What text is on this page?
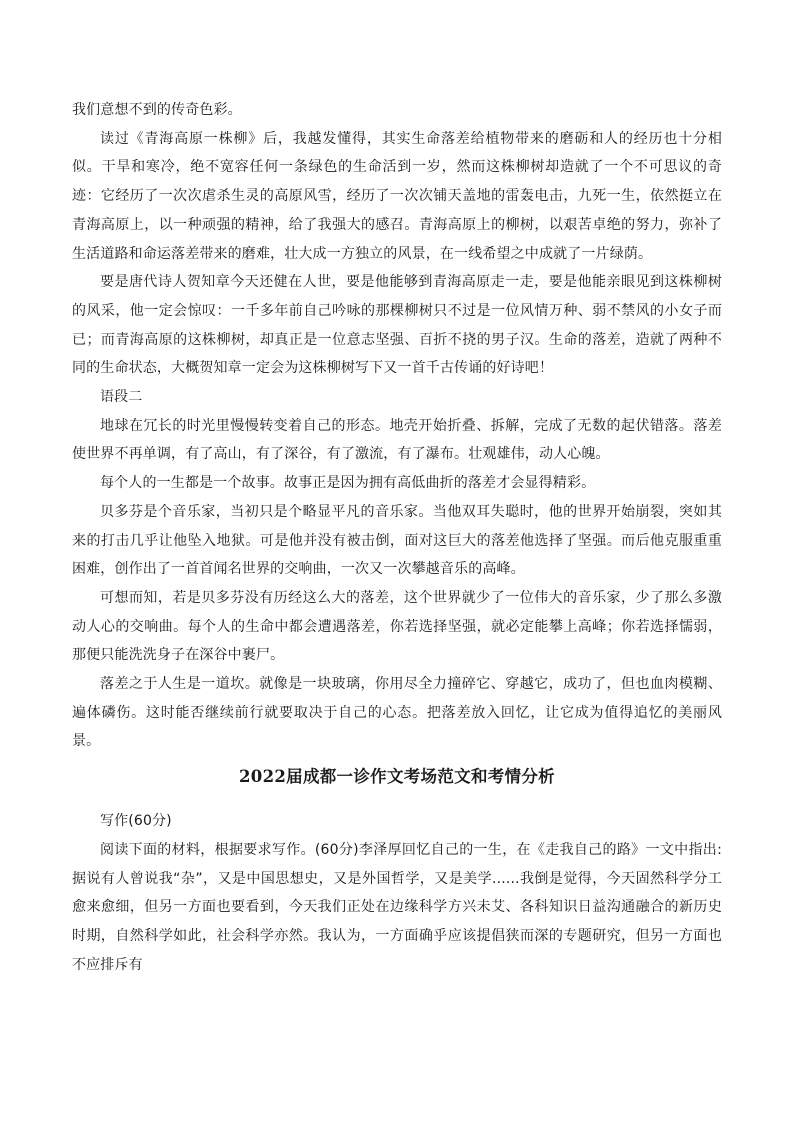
我们意想不到的传奇色彩。

读过《青海高原一株柳》后，我越发懂得，其实生命落差给植物带来的磨砺和人的经历也十分相似。干旱和寒冷，绝不宽容任何一条绿色的生命活到一岁，然而这株柳树却造就了一个不可思议的奇迹：它经历了一次次虐杀生灵的高原风雪，经历了一次次铺天盖地的雷轰电击，九死一生，依然挺立在青海高原上，以一种顽强的精神，给了我强大的感召。青海高原上的柳树，以艰苦卓绝的努力，弥补了生活道路和命运落差带来的磨难，壮大成一方独立的风景，在一线希望之中成就了一片绿荫。

要是唐代诗人贺知章今天还健在人世，要是他能够到青海高原走一走，要是他能亲眼见到这株柳树的风采，他一定会惊叹：一千多年前自己吟咏的那棵柳树只不过是一位风情万种、弱不禁风的小女子而已；而青海高原的这株柳树，却真正是一位意志坚强、百折不挠的男子汉。生命的落差，造就了两种不同的生命状态，大概贺知章一定会为这株柳树写下又一首千古传诵的好诗吧！

语段二

地球在冗长的时光里慢慢转变着自己的形态。地壳开始折叠、拆解，完成了无数的起伏错落。落差使世界不再单调，有了高山，有了深谷，有了激流，有了瀑布。壮观雄伟，动人心魄。

每个人的一生都是一个故事。故事正是因为拥有高低曲折的落差才会显得精彩。

贝多芬是个音乐家，当初只是个略显平凡的音乐家。当他双耳失聪时，他的世界开始崩裂，突如其来的打击几乎让他坠入地狱。可是他并没有被击倒，面对这巨大的落差他选择了坚强。而后他克服重重困难，创作出了一首首闻名世界的交响曲，一次又一次攀越音乐的高峰。

可想而知，若是贝多芬没有历经这么大的落差，这个世界就少了一位伟大的音乐家，少了那么多激动人心的交响曲。每个人的生命中都会遭遇落差，你若选择坚强，就必定能攀上高峰；你若选择懦弱，那便只能洗洗身子在深谷中裹尸。

落差之于人生是一道坎。就像是一块玻璃，你用尽全力撞碎它、穿越它，成功了，但也血肉模糊、遍体磷伤。这时能否继续前行就要取决于自己的心态。把落差放入回忆，让它成为值得追忆的美丽风景。

2022届成都一诊作文考场范文和考情分析

写作(60分)

阅读下面的材料，根据要求写作。(60分)李泽厚回忆自己的一生，在《走我自己的路》一文中指出:据说有人曾说我“杂”，又是中国思想史，又是外国哲学，又是美学......我倒是觉得，今天固然科学分工愈来愈细，但另一方面也要看到，今天我们正处在边缘科学方兴未艾、各科知识日益沟通融合的新历史时期，自然科学如此，社会科学亦然。我认为，一方面确乎应该提倡狭而深的专题研究，但另一方面也不应排斥有
